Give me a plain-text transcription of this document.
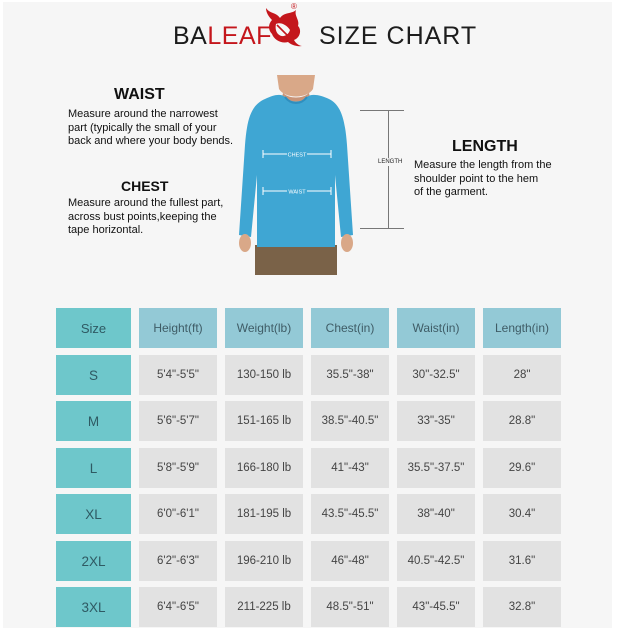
BALEAF
®
SIZE CHART
WAIST
Measure around the narrowest
part (typically the small of your
back and where your body bends.
CHEST
Measure around the fullest part,
across bust points,keeping the
tape horizontal.
LENGTH
Measure the length from the
shoulder point to the hem
of the garment.
CHEST
WAIST
LENGTH
Size	Height(ft)	Weight(lb)	Chest(in)	Waist(in)	Length(in)
S	5'4"-5'5"	130-150 lb	35.5"-38"	30"-32.5"	28"
M	5'6"-5'7"	151-165 lb	38.5"-40.5"	33"-35"	28.8"
L	5'8"-5'9"	166-180 lb	41"-43"	35.5"-37.5"	29.6"
XL	6'0"-6'1"	181-195 lb	43.5"-45.5"	38"-40"	30.4"
2XL	6'2"-6'3"	196-210 lb	46"-48"	40.5"-42.5"	31.6"
3XL	6'4"-6'5"	211-225 lb	48.5"-51"	43"-45.5"	32.8"
